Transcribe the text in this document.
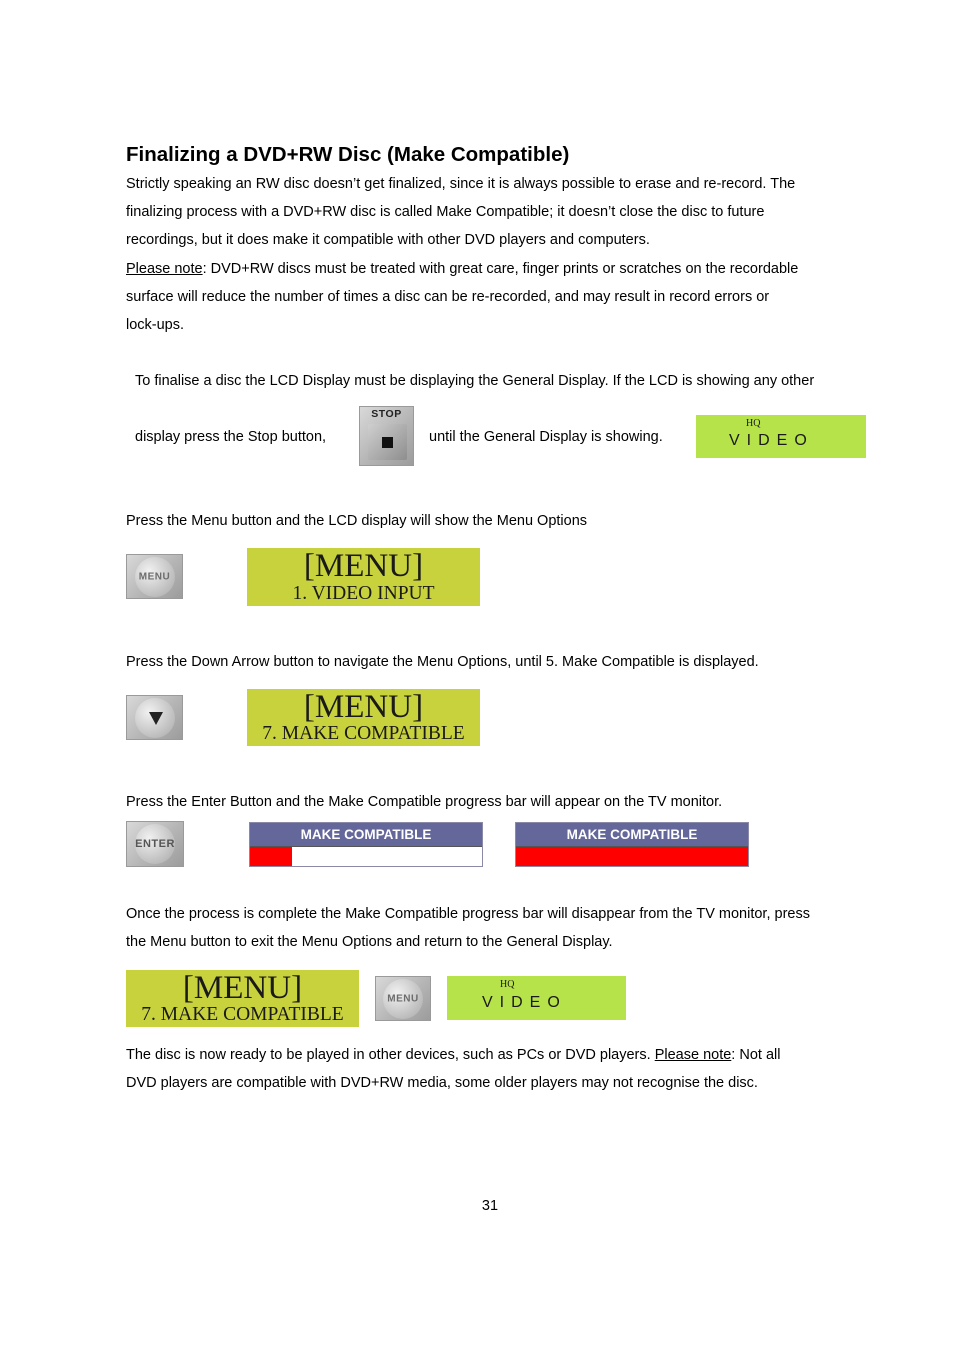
Finalizing a DVD+RW Disc (Make Compatible)
Strictly speaking an RW disc doesn’t get finalized, since it is always possible to erase and re-record. The
finalizing process with a DVD+RW disc is called Make Compatible; it doesn’t close the disc to future
recordings, but it does make it compatible with other DVD players and computers.
Please note: DVD+RW discs must be treated with great care, finger prints or scratches on the recordable
surface will reduce the number of times a disc can be re-recorded, and may result in record errors or
lock-ups.
To finalise a disc the LCD Display must be displaying the General Display. If the LCD is showing any other
display press the Stop button,
STOP
until the General Display is showing.
HQ
VIDEO
Press the Menu button and the LCD display will show the Menu Options
MENU	[MENU]
1. VIDEO INPUT
Press the Down Arrow button to navigate the Menu Options, until 5. Make Compatible is displayed.
[MENU]
7. MAKE COMPATIBLE
Press the Enter Button and the Make Compatible progress bar will appear on the TV monitor.
ENTER
MAKE COMPATIBLE	MAKE COMPATIBLE
Once the process is complete the Make Compatible progress bar will disappear from the TV monitor, press
the Menu button to exit the Menu Options and return to the General Display.
[MENU]
7. MAKE COMPATIBLE
MENU
HQ
VIDEO
The disc is now ready to be played in other devices, such as PCs or DVD players. Please note: Not all
DVD players are compatible with DVD+RW media, some older players may not recognise the disc.
31
